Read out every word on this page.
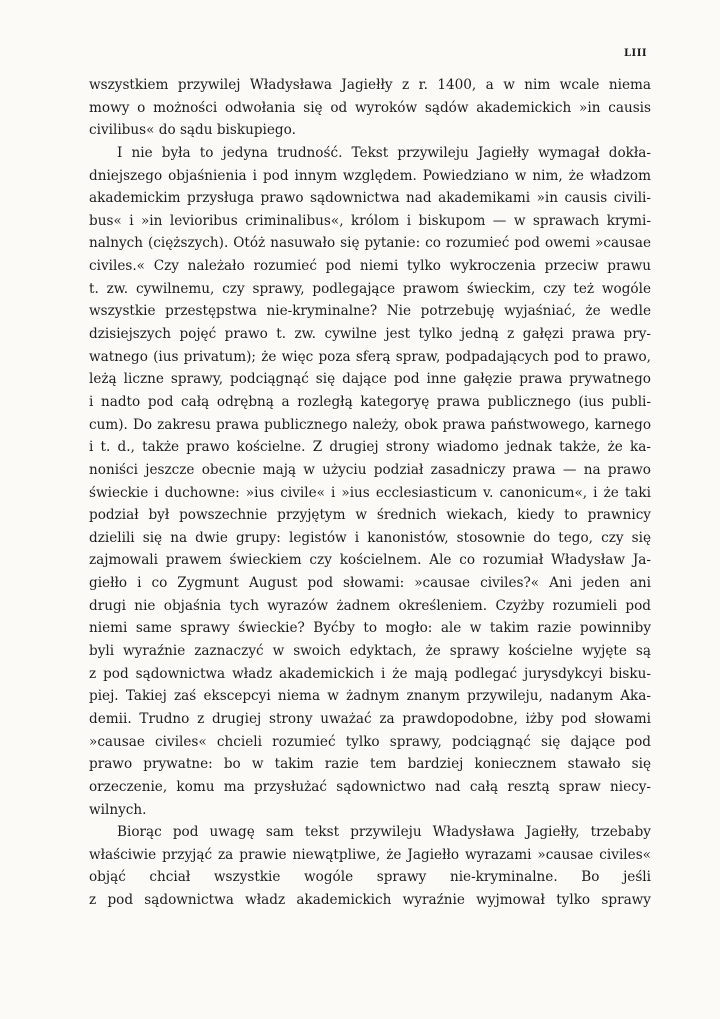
LIII
wszystkiem przywilej Władysława Jagiełły z r. 1400, a w nim wcale niema
mowy o możności odwołania się od wyroków sądów akademickich »in causis
civilibus« do sądu biskupiego.
I nie była to jedyna trudność. Tekst przywileju Jagiełły wymagał dokła-
dniejszego objaśnienia i pod innym względem. Powiedziano w nim, że władzom
akademickim przysługa prawo sądownictwa nad akademikami »in causis civili-
bus« i »in levioribus criminalibus«, królom i biskupom — w sprawach krymi-
nalnych (cięższych). Otóż nasuwało się pytanie: co rozumieć pod owemi »causae
civiles.« Czy należało rozumieć pod niemi tylko wykroczenia przeciw prawu
t. zw. cywilnemu, czy sprawy, podlegające prawom świeckim, czy też wogóle
wszystkie przestępstwa nie-kryminalne? Nie potrzebuję wyjaśniać, że wedle
dzisiejszych pojęć prawo t. zw. cywilne jest tylko jedną z gałęzi prawa pry-
watnego (ius privatum); że więc poza sferą spraw, podpadających pod to prawo,
leżą liczne sprawy, podciągnąć się dające pod inne gałęzie prawa prywatnego
i nadto pod całą odrębną a rozległą kategoryę prawa publicznego (ius publi-
cum). Do zakresu prawa publicznego należy, obok prawa państwowego, karnego
i t. d., także prawo kościelne. Z drugiej strony wiadomo jednak także, że ka-
noniści jeszcze obecnie mają w użyciu podział zasadniczy prawa — na prawo
świeckie i duchowne: »ius civile« i »ius ecclesiasticum v. canonicum«, i że taki
podział był powszechnie przyjętym w średnich wiekach, kiedy to prawnicy
dzielili się na dwie grupy: legistów i kanonistów, stosownie do tego, czy się
zajmowali prawem świeckiem czy kościelnem. Ale co rozumiał Władysław Ja-
giełło i co Zygmunt August pod słowami: »causae civiles?« Ani jeden ani
drugi nie objaśnia tych wyrazów żadnem określeniem. Czyżby rozumieli pod
niemi same sprawy świeckie? Byćby to mogło: ale w takim razie powinniby
byli wyraźnie zaznaczyć w swoich edyktach, że sprawy kościelne wyjęte są
z pod sądownictwa władz akademickich i że mają podlegać jurysdykcyi bisku-
piej. Takiej zaś ekscepcyi niema w żadnym znanym przywileju, nadanym Aka-
demii. Trudno z drugiej strony uważać za prawdopodobne, iżby pod słowami
»causae civiles« chcieli rozumieć tylko sprawy, podciągnąć się dające pod
prawo prywatne: bo w takim razie tem bardziej koniecznem stawało się
orzeczenie, komu ma przysłużać sądownictwo nad całą resztą spraw niecy-
wilnych.
Biorąc pod uwagę sam tekst przywileju Władysława Jagiełły, trzebaby
właściwie przyjąć za prawie niewątpliwe, że Jagiełło wyrazami »causae civiles«
objąć chciał wszystkie wogóle sprawy nie-kryminalne. Bo jeśli
z pod sądownictwa władz akademickich wyraźnie wyjmował tylko sprawy
